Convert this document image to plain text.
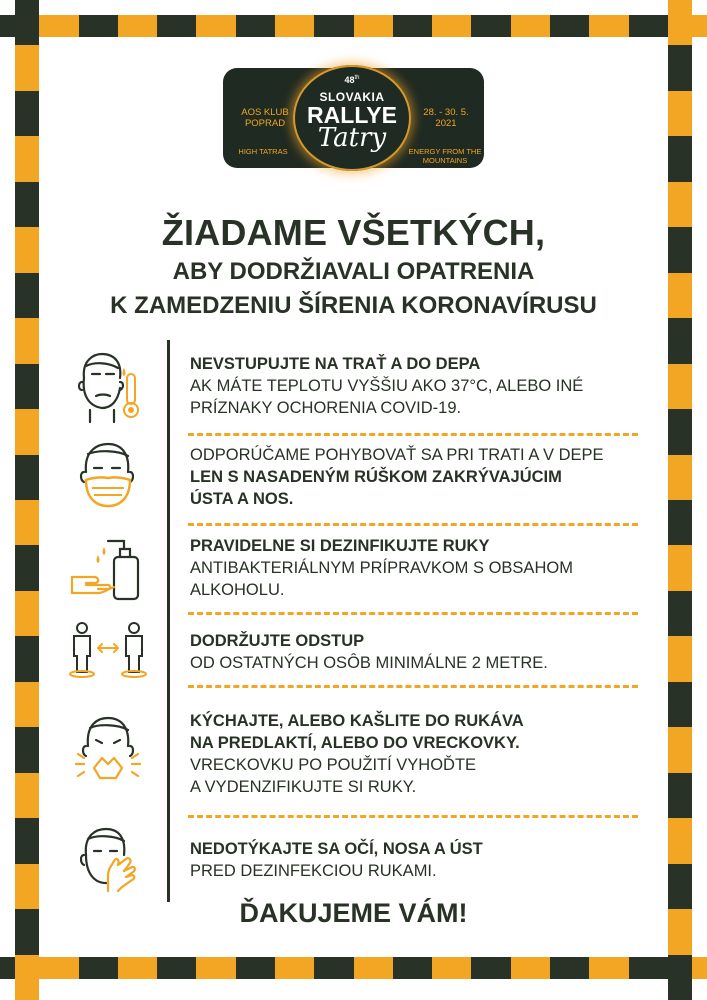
AOS KLUB POPRAD
HIGH TATRAS
28. - 30. 5. 2021
ENERGY FROM THE MOUNTAINS
48th
SLOVAKIA
RALLYE
Tatry
ŽIADAME VŠETKÝCH,
ABY DODRŽIAVALI OPATRENIA
K ZAMEDZENIU ŠÍRENIA KORONAVÍRUSU
NEVSTUPUJTE NA TRAŤ A DO DEPA
AK MÁTE TEPLOTU VYŠŠIU AKO 37°C, ALEBO INÉ
PRÍZNAKY OCHORENIA COVID-19.
ODPORÚČAME POHYBOVAŤ SA PRI TRATI A V DEPE
LEN S NASADENÝM RÚŠKOM ZAKRÝVAJÚCIM
ÚSTA A NOS.
PRAVIDELNE SI DEZINFIKUJTE RUKY
ANTIBAKTERIÁLNYM PRÍPRAVKOM S OBSAHOM
ALKOHOLU.
DODRŽUJTE ODSTUP
OD OSTATNÝCH OSÔB MINIMÁLNE 2 METRE.
KÝCHAJTE, ALEBO KAŠLITE DO RUKÁVA
NA PREDLAKTÍ, ALEBO DO VRECKOVKY.
VRECKOVKU PO POUŽITÍ VYHOĎTE
A VYDENZIFIKUJTE SI RUKY.
NEDOTÝKAJTE SA OČÍ, NOSA A ÚST
PRED DEZINFEKCIOU RUKAMI.
ĎAKUJEME VÁM!
